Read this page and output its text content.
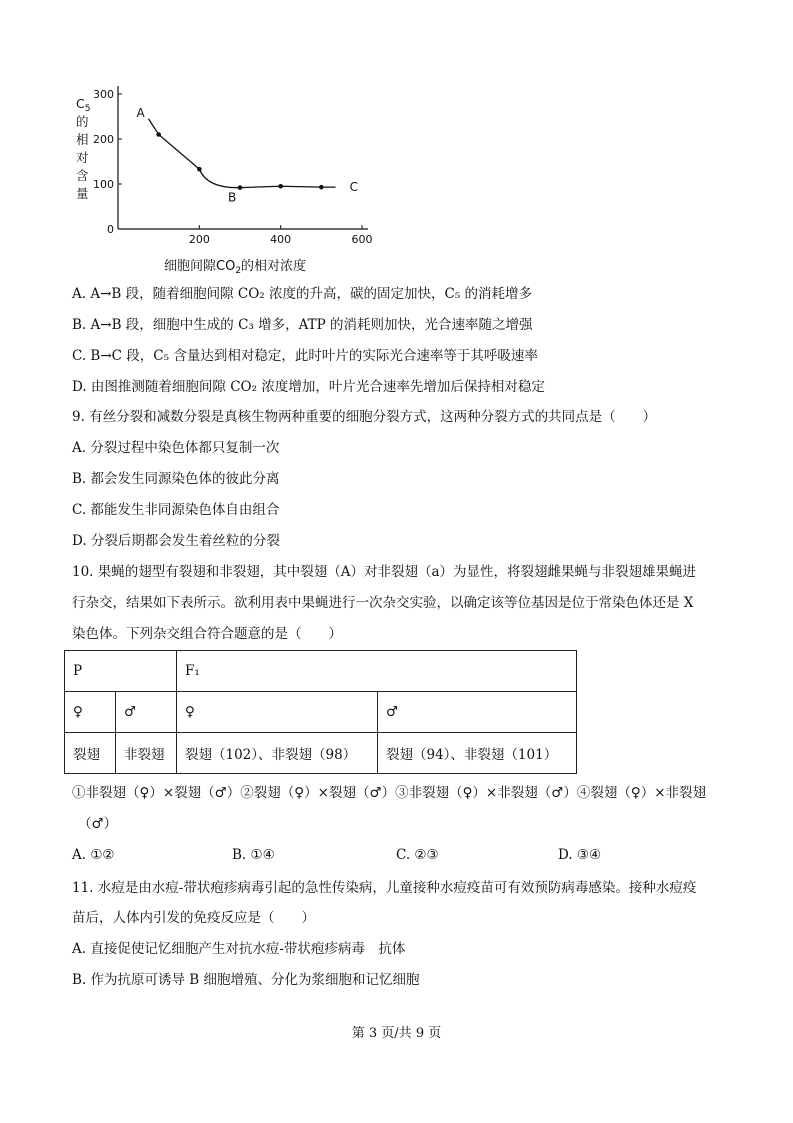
0
100
200
300
200	400	600
A
B
C
$C_5$
的
相
对
含
量
细胞间隙$CO_2$的相对浓度
A. A→B 段，随着细胞间隙 CO₂ 浓度的升高，碳的固定加快，C₅ 的消耗增多
B. A→B 段，细胞中生成的 C₃ 增多，ATP 的消耗则加快，光合速率随之增强
C. B→C 段，C₅ 含量达到相对稳定，此时叶片的实际光合速率等于其呼吸速率
D. 由图推测随着细胞间隙 CO₂ 浓度增加，叶片光合速率先增加后保持相对稳定
9. 有丝分裂和减数分裂是真核生物两种重要的细胞分裂方式，这两种分裂方式的共同点是（　　）
A. 分裂过程中染色体都只复制一次
B. 都会发生同源染色体的彼此分离
C. 都能发生非同源染色体自由组合
D. 分裂后期都会发生着丝粒的分裂
10. 果蝇的翅型有裂翅和非裂翅，其中裂翅（A）对非裂翅（a）为显性，将裂翅雌果蝇与非裂翅雄果蝇进
行杂交，结果如下表所示。欲利用表中果蝇进行一次杂交实验，以确定该等位基因是位于常染色体还是 X
染色体。下列杂交组合符合题意的是（　　）
P		F₁	
♀	♂	♀	♂
裂翅	非裂翅	裂翅（102）、非裂翅（98）	裂翅（94）、非裂翅（101）
①非裂翅（♀）×裂翅（♂）②裂翅（♀）×裂翅（♂）③非裂翅（♀）×非裂翅（♂）④裂翅（♀）×非裂翅
（♂）
A. ①②	B. ①④	C. ②③	D. ③④
11. 水痘是由水痘-带状疱疹病毒引起的急性传染病，儿童接种水痘疫苗可有效预防病毒感染。接种水痘疫
苗后，人体内引发的免疫反应是（　　）
A. 直接促使记忆细胞产生对抗水痘-带状疱疹病毒　抗体
B. 作为抗原可诱导 B 细胞增殖、分化为浆细胞和记忆细胞
第 3 页/共 9 页
